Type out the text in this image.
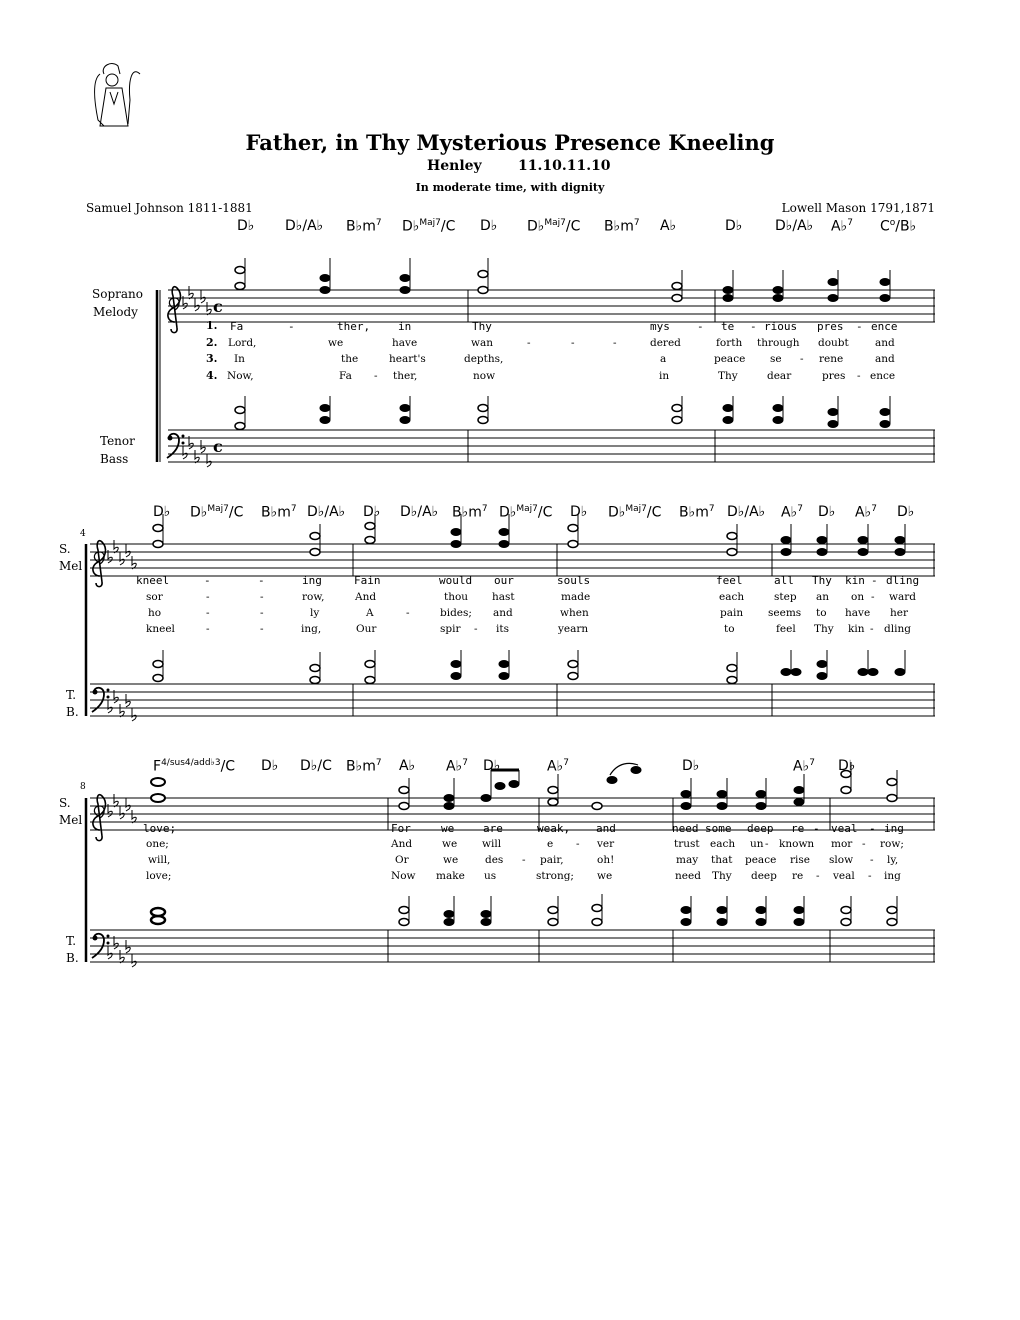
c
c
Father, in Thy Mysterious Presence Kneeling
Henley	11.10.11.10
In moderate time, with dignity
Samuel Johnson 1811-1881	Lowell Mason 1791,1871
Soprano
Melody
Tenor
Bass
S.
Mel
T.
B.
S.
Mel
T.
B.
4
8
D♭ D♭/A♭ $B♭m^7$ D♭$^{Maj7}$/C D♭ D♭$^{Maj7}$/C $B♭m^7$ A♭	D♭ D♭/A♭ A♭$^7$ $C^o/B♭$
D♭ D♭$^{Maj7}$/C $B♭m^7$ D♭/A♭ D♭ D♭/A♭ $B♭m^7$ D♭$^{Maj7}$/C D♭ D♭$^{Maj7}$/C $B♭m^7$ D♭/A♭ A♭$^7$ D♭ A♭$^7$ D♭
$F^{4/sus4/add♭3}/C$ D♭ D♭/C $B♭m^7$ A♭ A♭$^7$ D♭	A♭$^7$	D♭	A♭$^7$ D♭
1.
2.
3.
4.
Fa	-	ther,	in	Thy	mys - te - rious pres - ence
Lord,	we	have	wan	-	-	-	dered	forth through doubt	and
In	the	heart's	depths,	a	peace se - rene	and
Now,	Fa - ther,	now	in	Thy	dear	pres - ence
kneel	-	-	ing	Fain	would our	souls	feel	all Thy kin - dling
sor	-	-	row,	And	thou hast	made	each	step an on - ward
ho	-	-	ly	A	-	bides; and	when	pain seems to have her
kneel	-	-	ing,	Our	spir - its	yearn	to	feel Thy kin - dling
love;	For	we	are	weak, and	need some deep re - veal - ing
one;	And	we will	e - ver	trust each un - known mor - row;
will,	Or	we	des - pair,	oh!	may that peace rise slow - ly,
love;	Now make us	strong; we	need Thy deep re - veal - ing
